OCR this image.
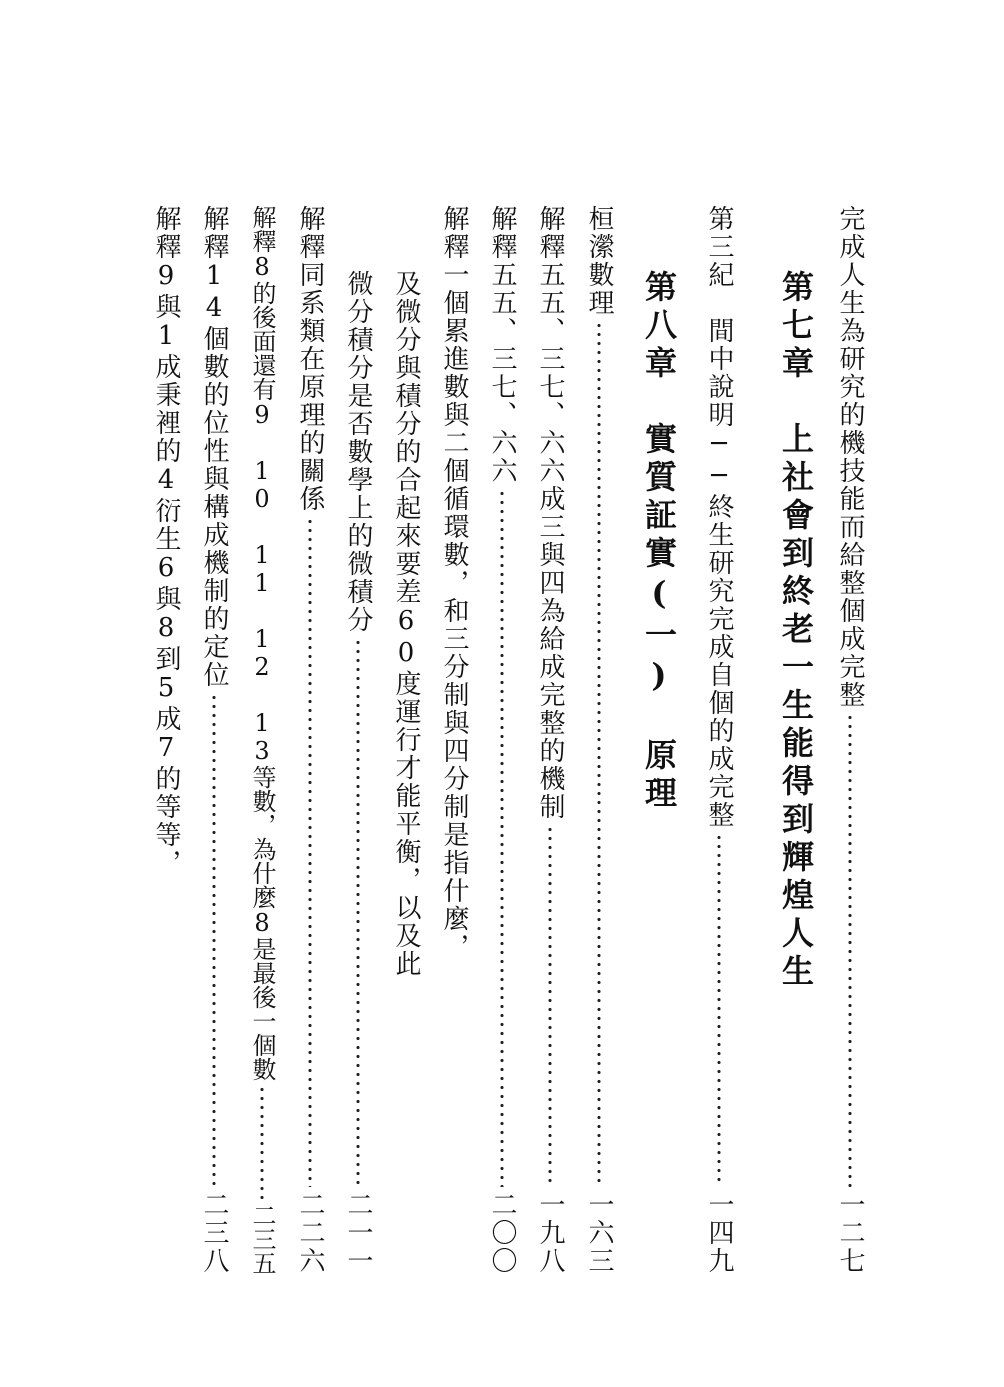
完成人生為研究的機技能而給整個成完整
一二七
第七章　上社會到終老一生能得到輝煌人生
第三紀　間中說明──終生研究完成自個的成完整
一四九
第八章　實質証實(一)　原理
桓瀠數理
一六三
解釋五五、三七、六六成三與四為給成完整的機制
一九八
解釋五五、三七、六六
二〇〇
解釋一個累進數與二個循環數，和三分制與四分制是指什麼，
及微分與積分的合起來要差60度運行才能平衡，以及此
微分積分是否數學上的微積分
二一一
解釋同系類在原理的關係
二二六
解釋8的後面還有9 10 11 12 13等數，為什麼8是最後一個數
二三五
解釋14個數的位性與構成機制的定位
二三八
解釋9與1成秉裡的4衍生6與8到5成7的等等，
